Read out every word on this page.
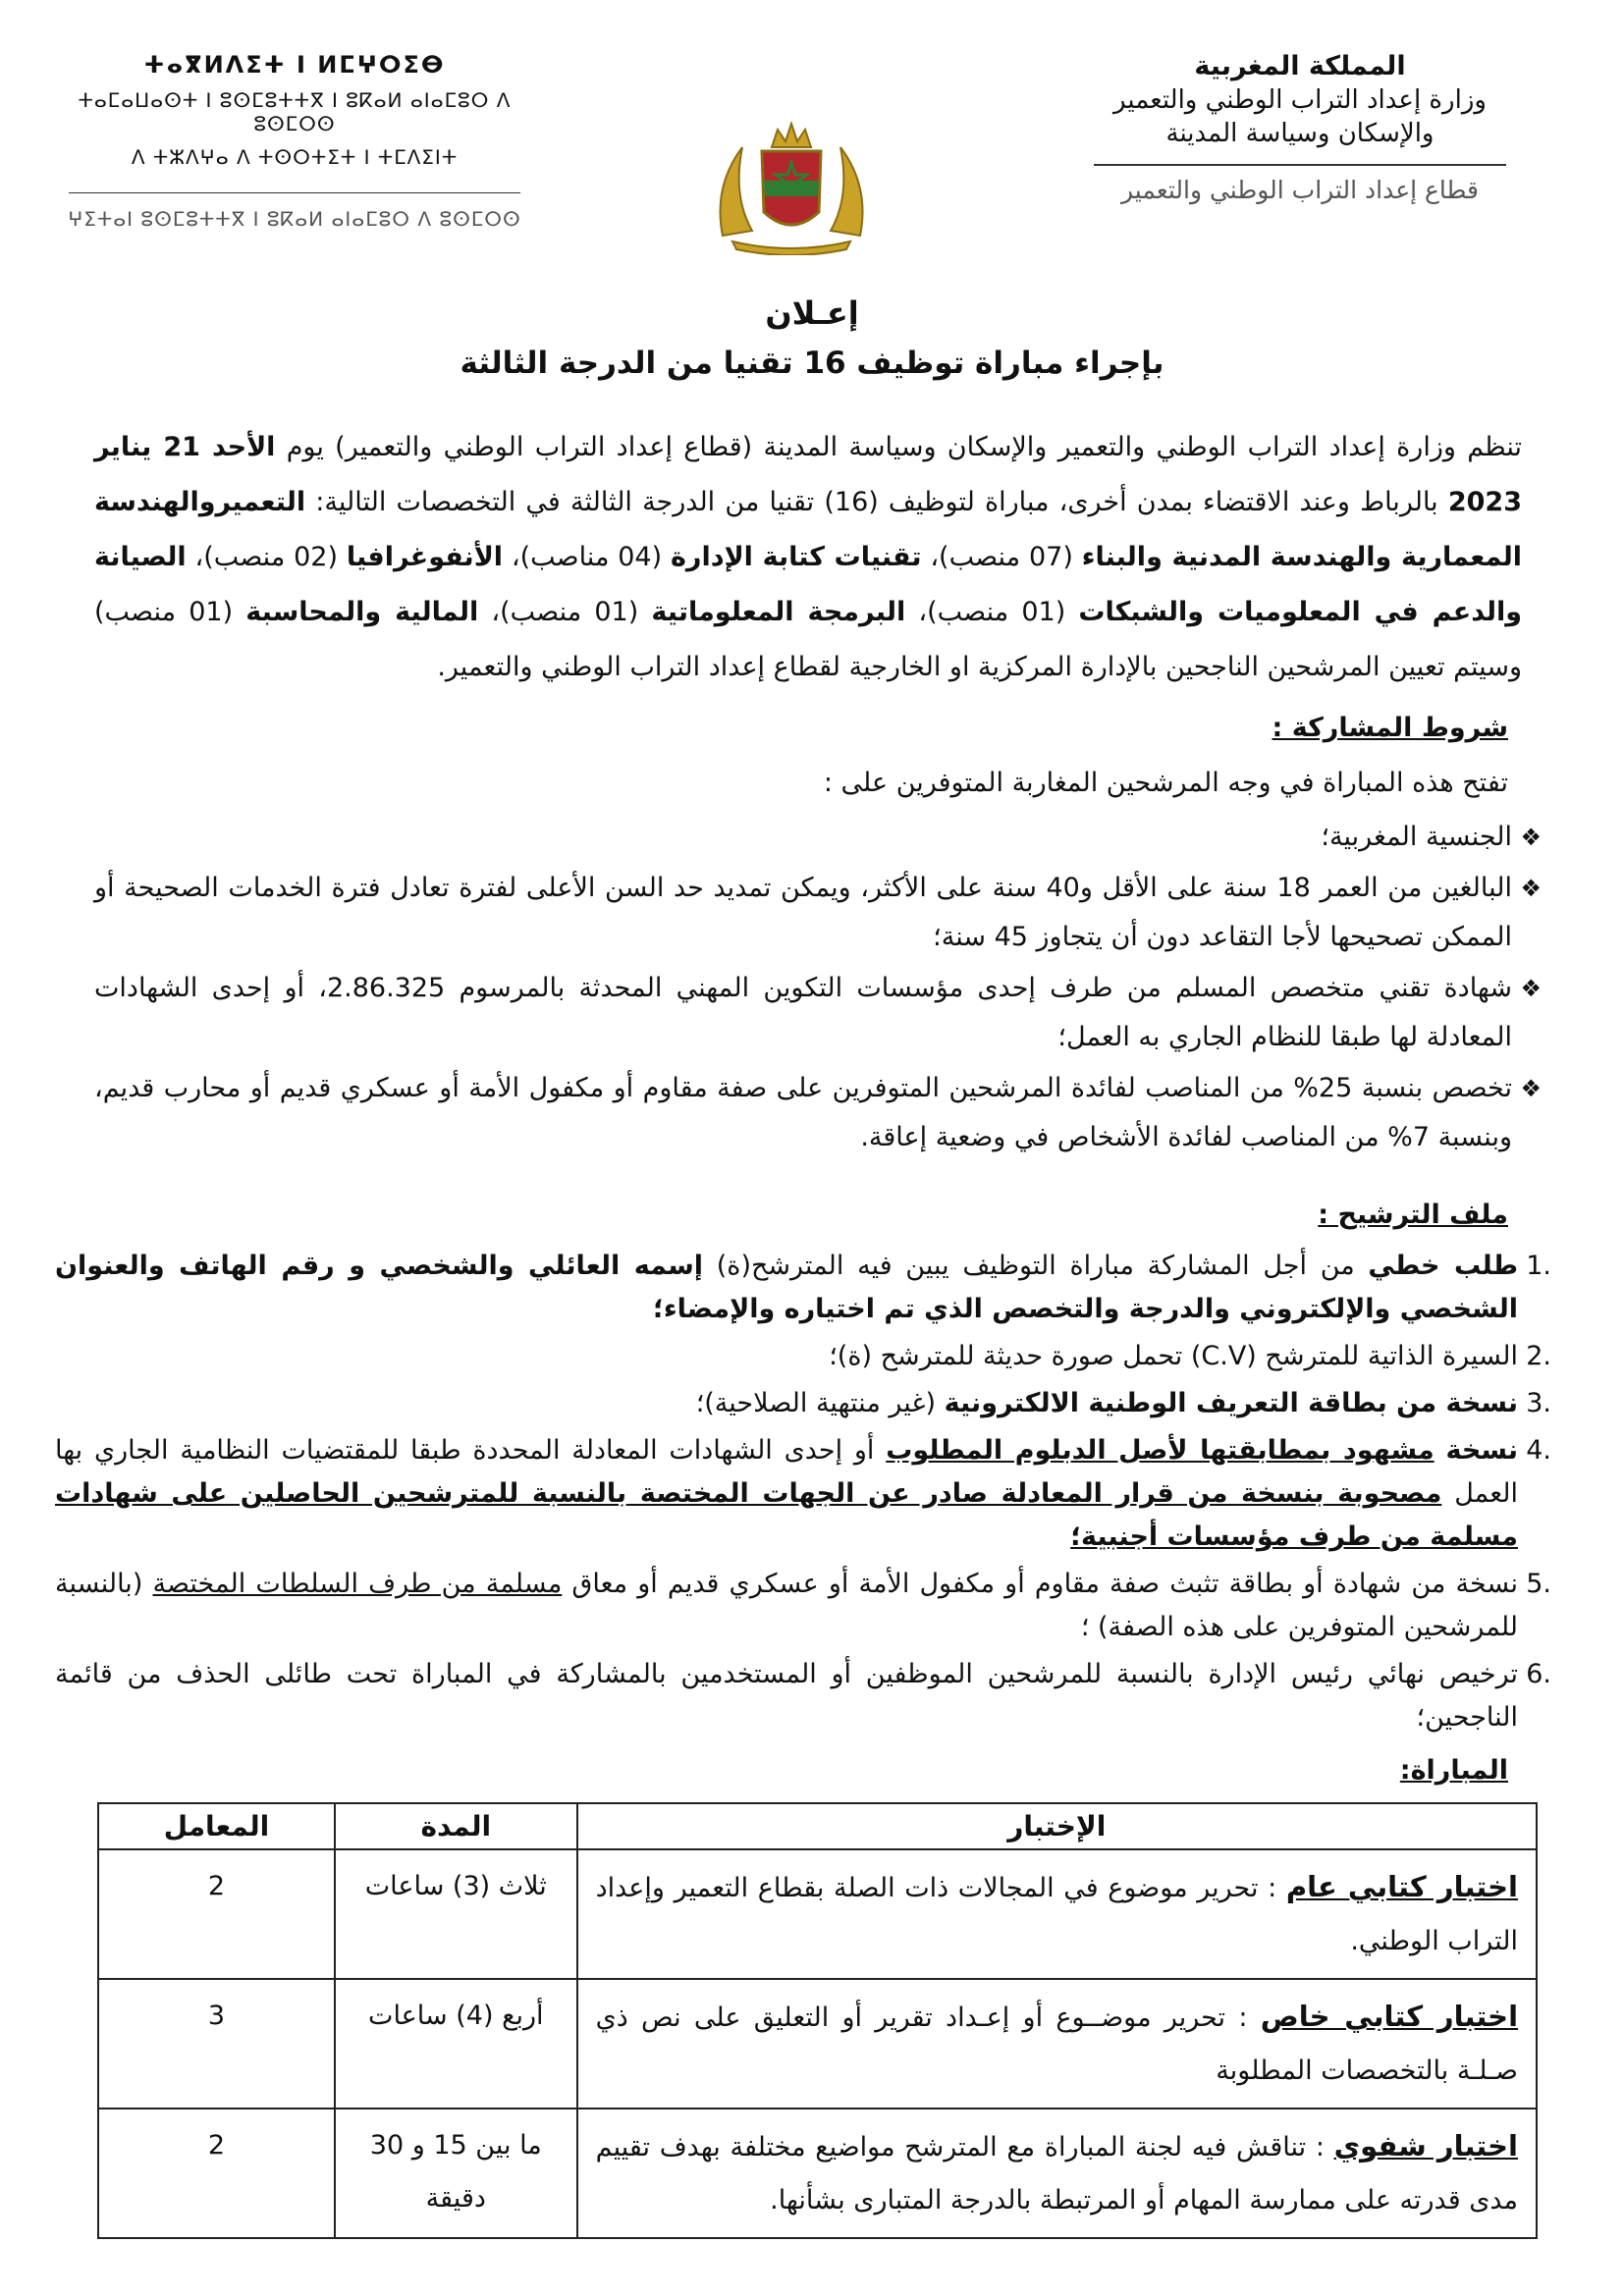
المملكة المغربية
وزارة إعداد التراب الوطني والتعمير
والإسكان وسياسة المدينة
قطاع إعداد التراب الوطني والتعمير
ⵜⴰⴳⵍⴷⵉⵜ ⵏ ⵍⵎⵖⵔⵉⴱ
ⵜⴰⵎⴰⵡⴰⵙⵜ ⵏ ⵓⵙⵎⵓⵜⵜⴳ ⵏ ⵓⴽⴰⵍ ⴰⵏⴰⵎⵓⵔ ⴷ ⵓⵙⵎⵔⵙ
ⴷ ⵜⵣⴷⵖⴰ ⴷ ⵜⵙⵔⵜⵉⵜ ⵏ ⵜⵎⴷⵉⵏⵜ
ⵖⵉⵜⴰⵏ ⵓⵙⵎⵓⵜⵜⴳ ⵏ ⵓⴽⴰⵍ ⴰⵏⴰⵎⵓⵔ ⴷ ⵓⵙⵎⵔⵙ
إعـلان
بإجراء مباراة توظيف 16 تقنيا من الدرجة الثالثة
تنظم وزارة إعداد التراب الوطني والتعمير والإسكان وسياسة المدينة (قطاع إعداد التراب الوطني والتعمير) يوم الأحد 21 يناير 2023 بالرباط وعند الاقتضاء بمدن أخرى، مباراة لتوظيف (16) تقنيا من الدرجة الثالثة في التخصصات التالية: التعميروالهندسة المعمارية والهندسة المدنية والبناء (07 منصب)، تقنيات كتابة الإدارة (04 مناصب)، الأنفوغرافيا (02 منصب)، الصيانة والدعم في المعلوميات والشبكات (01 منصب)، البرمجة المعلوماتية (01 منصب)، المالية والمحاسبة (01 منصب) وسيتم تعيين المرشحين الناجحين بالإدارة المركزية او الخارجية لقطاع إعداد التراب الوطني والتعمير.
شروط المشاركة :
تفتح هذه المباراة في وجه المرشحين المغاربة المتوفرين على :
❖
الجنسية المغربية؛
❖
البالغين من العمر 18 سنة على الأقل و40 سنة على الأكثر، ويمكن تمديد حد السن الأعلى لفترة تعادل فترة الخدمات الصحيحة أو الممكن تصحيحها لأجا التقاعد دون أن يتجاوز 45 سنة؛
❖
شهادة تقني متخصص المسلم من طرف إحدى مؤسسات التكوين المهني المحدثة بالمرسوم 2.86.325، أو إحدى الشهادات المعادلة لها طبقا للنظام الجاري به العمل؛
❖
تخصص بنسبة 25% من المناصب لفائدة المرشحين المتوفرين على صفة مقاوم أو مكفول الأمة أو عسكري قديم أو محارب قديم، وبنسبة 7% من المناصب لفائدة الأشخاص في وضعية إعاقة.
ملف الترشيح :
.1
طلب خطي من أجل المشاركة مباراة التوظيف يبين فيه المترشح(ة) إسمه العائلي والشخصي و رقم الهاتف والعنوان الشخصي والإلكتروني والدرجة والتخصص الذي تم اختياره والإمضاء؛
.2
السيرة الذاتية للمترشح (C.V) تحمل صورة حديثة للمترشح (ة)؛
.3
نسخة من بطاقة التعريف الوطنية الالكترونية (غير منتهية الصلاحية)؛
.4
نسخة مشهود بمطابقتها لأصل الدبلوم المطلوب أو إحدى الشهادات المعادلة المحددة طبقا للمقتضيات النظامية الجاري بها العمل مصحوبة بنسخة من قرار المعادلة صادر عن الجهات المختصة بالنسبة للمترشحين الحاصلين على شهادات مسلمة من طرف مؤسسات أجنبية؛
.5
نسخة من شهادة أو بطاقة تثبث صفة مقاوم أو مكفول الأمة أو عسكري قديم أو معاق مسلمة من طرف السلطات المختصة (بالنسبة للمرشحين المتوفرين على هذه الصفة) ؛
.6
ترخيص نهائي رئيس الإدارة بالنسبة للمرشحين الموظفين أو المستخدمين بالمشاركة في المباراة تحت طائلى الحذف من قائمة الناجحين؛
المباراة:
الإختبار	المدة	المعامل
اختبار كتابي عام : تحرير موضوع في المجالات ذات الصلة بقطاع التعمير وإعداد التراب الوطني.	ثلاث (3) ساعات	2
اختبار كتابي خاص : تحرير موضــوع أو إعـداد تقرير أو التعليق على نص ذي صـلـة بالتخصصات المطلوبة	أربع (4) ساعات	3
اختبار شفوي : تناقش فيه لجنة المباراة مع المترشح مواضيع مختلفة بهدف تقييم مدى قدرته على ممارسة المهام أو المرتبطة بالدرجة المتبارى بشأنها.	ما بين 15 و 30 دقيقة	2
